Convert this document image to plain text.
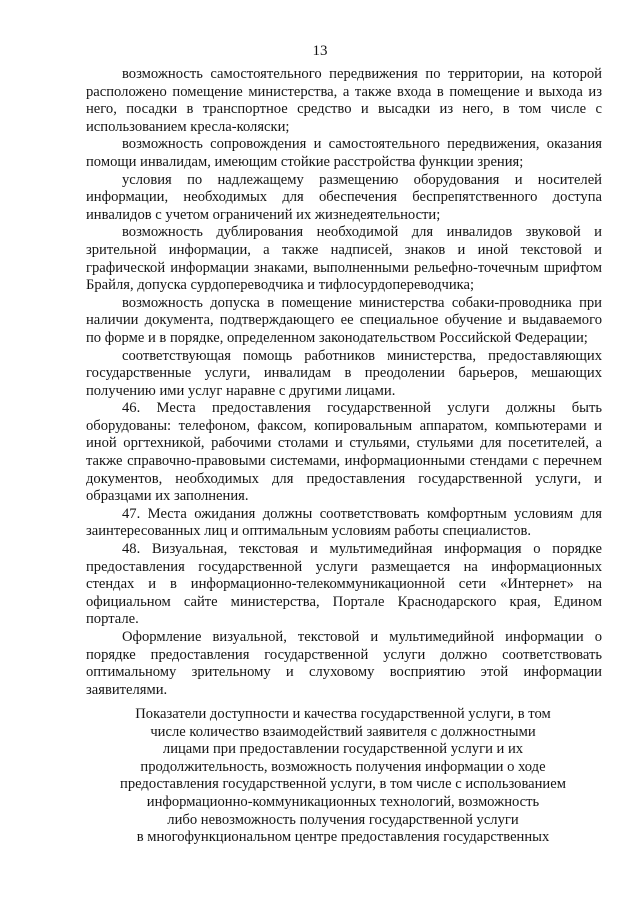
13

возможность самостоятельного передвижения по территории, на которой расположено помещение министерства, а также входа в помещение и выхода из него, посадки в транспортное средство и высадки из него, в том числе с использованием кресла-коляски;

возможность сопровождения и самостоятельного передвижения, оказания помощи инвалидам, имеющим стойкие расстройства функции зрения;

условия по надлежащему размещению оборудования и носителей информации, необходимых для обеспечения беспрепятственного доступа инвалидов с учетом ограничений их жизнедеятельности;

возможность дублирования необходимой для инвалидов звуковой и зрительной информации, а также надписей, знаков и иной текстовой и графической информации знаками, выполненными рельефно-точечным шрифтом Брайля, допуска сурдопереводчика и тифлосурдопереводчика;

возможность допуска в помещение министерства собаки-проводника при наличии документа, подтверждающего ее специальное обучение и выдаваемого по форме и в порядке, определенном законодательством Российской Федерации;

соответствующая помощь работников министерства, предоставляющих государственные услуги, инвалидам в преодолении барьеров, мешающих получению ими услуг наравне с другими лицами.

46. Места предоставления государственной услуги должны быть оборудованы: телефоном, факсом, копировальным аппаратом, компьютерами и иной оргтехникой, рабочими столами и стульями, стульями для посетителей, а также справочно-правовыми системами, информационными стендами с перечнем документов, необходимых для предоставления государственной услуги, и образцами их заполнения.

47. Места ожидания должны соответствовать комфортным условиям для заинтересованных лиц и оптимальным условиям работы специалистов.

48. Визуальная, текстовая и мультимедийная информация о порядке предоставления государственной услуги размещается на информационных стендах и в информационно-телекоммуникационной сети «Интернет» на официальном сайте министерства, Портале Краснодарского края, Едином портале.

Оформление визуальной, текстовой и мультимедийной информации о порядке предоставления государственной услуги должно соответствовать оптимальному зрительному и слуховому восприятию этой информации заявителями.

Показатели доступности и качества государственной услуги, в том
числе количество взаимодействий заявителя с должностными
лицами при предоставлении государственной услуги и их
продолжительность, возможность получения информации о ходе
предоставления государственной услуги, в том числе с использованием
информационно-коммуникационных технологий, возможность
либо невозможность получения государственной услуги
в многофункциональном центре предоставления государственных
